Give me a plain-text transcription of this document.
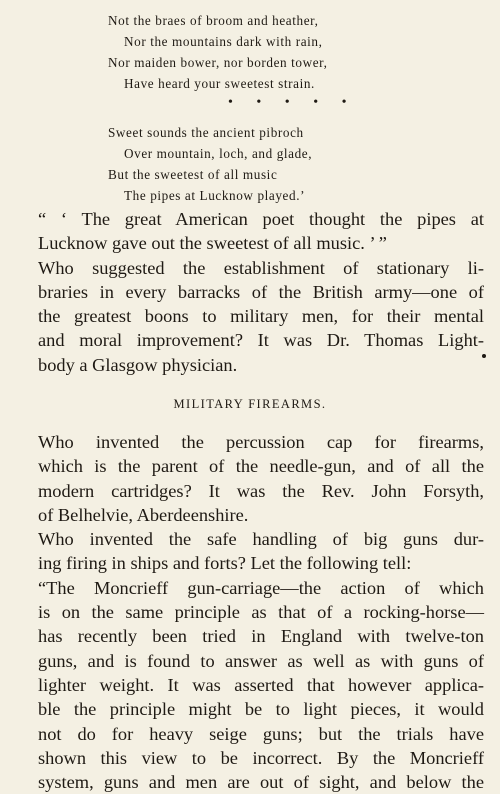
Not the braes of broom and heather,
Nor the mountains dark with rain,
Nor maiden bower, nor borden tower,
Have heard your sweetest strain.
• • • • •
Sweet sounds the ancient pibroch
Over mountain, loch, and glade,
But the sweetest of all music
The pipes at Lucknow played.’

“ ‘ The great American poet thought the pipes at
Lucknow gave out the sweetest of all music. ’ ”

Who suggested the establishment of stationary li-
braries in every barracks of the British army—one of
the greatest boons to military men, for their mental
and moral improvement? It was Dr. Thomas Light-
body a Glasgow physician.

MILITARY FIREARMS.

Who invented the percussion cap for firearms,
which is the parent of the needle-gun, and of all the
modern cartridges? It was the Rev. John Forsyth,
of Belhelvie, Aberdeenshire.

Who invented the safe handling of big guns dur-
ing firing in ships and forts? Let the following tell:

“The Moncrieff gun-carriage—the action of which
is on the same principle as that of a rocking-horse—
has recently been tried in England with twelve-ton
guns, and is found to answer as well as with guns of
lighter weight. It was asserted that however applica-
ble the principle might be to light pieces, it would
not do for heavy seige guns; but the trials have
shown this view to be incorrect. By the Moncrieff
system, guns and men are out of sight, and below the
